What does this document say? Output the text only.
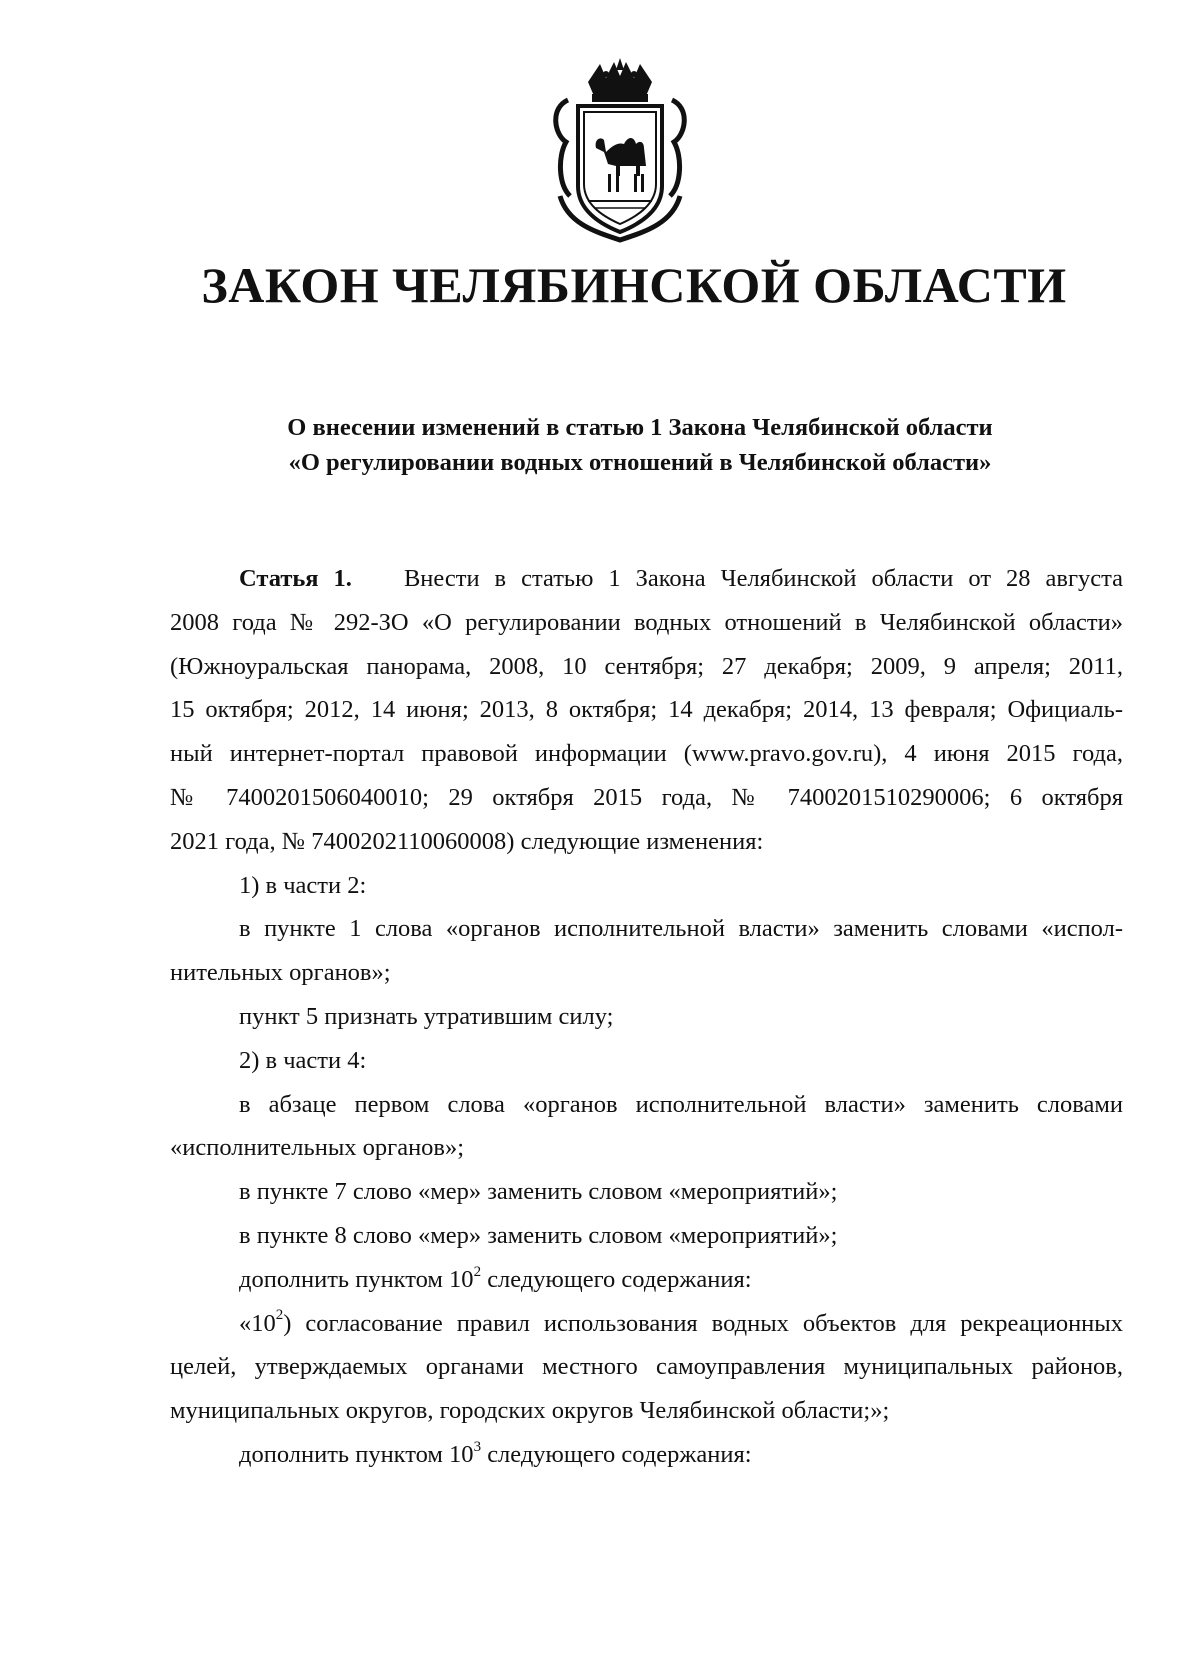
ЗАКОН ЧЕЛЯБИНСКОЙ ОБЛАСТИ
О внесении изменений в статью 1 Закона Челябинской области
«О регулировании водных отношений в Челябинской области»
Статья 1. Внести в статью 1 Закона Челябинской области от 28 августа
2008 года № 292-ЗО «О регулировании водных отношений в Челябинской области»
(Южноуральская панорама, 2008, 10 сентября; 27 декабря; 2009, 9 апреля; 2011,
15 октября; 2012, 14 июня; 2013, 8 октября; 14 декабря; 2014, 13 февраля; Официаль-
ный интернет-портал правовой информации (www.pravo.gov.ru), 4 июня 2015 года,
№ 7400201506040010; 29 октября 2015 года, № 7400201510290006; 6 октября
2021 года, № 7400202110060008) следующие изменения:
1) в части 2:
в пункте 1 слова «органов исполнительной власти» заменить словами «испол-
нительных органов»;
пункт 5 признать утратившим силу;
2) в части 4:
в абзаце первом слова «органов исполнительной власти» заменить словами
«исполнительных органов»;
в пункте 7 слово «мер» заменить словом «мероприятий»;
в пункте 8 слово «мер» заменить словом «мероприятий»;
дополнить пунктом $10^2$ следующего содержания:
«$10^2$) согласование правил использования водных объектов для рекреационных
целей, утверждаемых органами местного самоуправления муниципальных районов,
муниципальных округов, городских округов Челябинской области;»;
дополнить пунктом $10^3$ следующего содержания:
